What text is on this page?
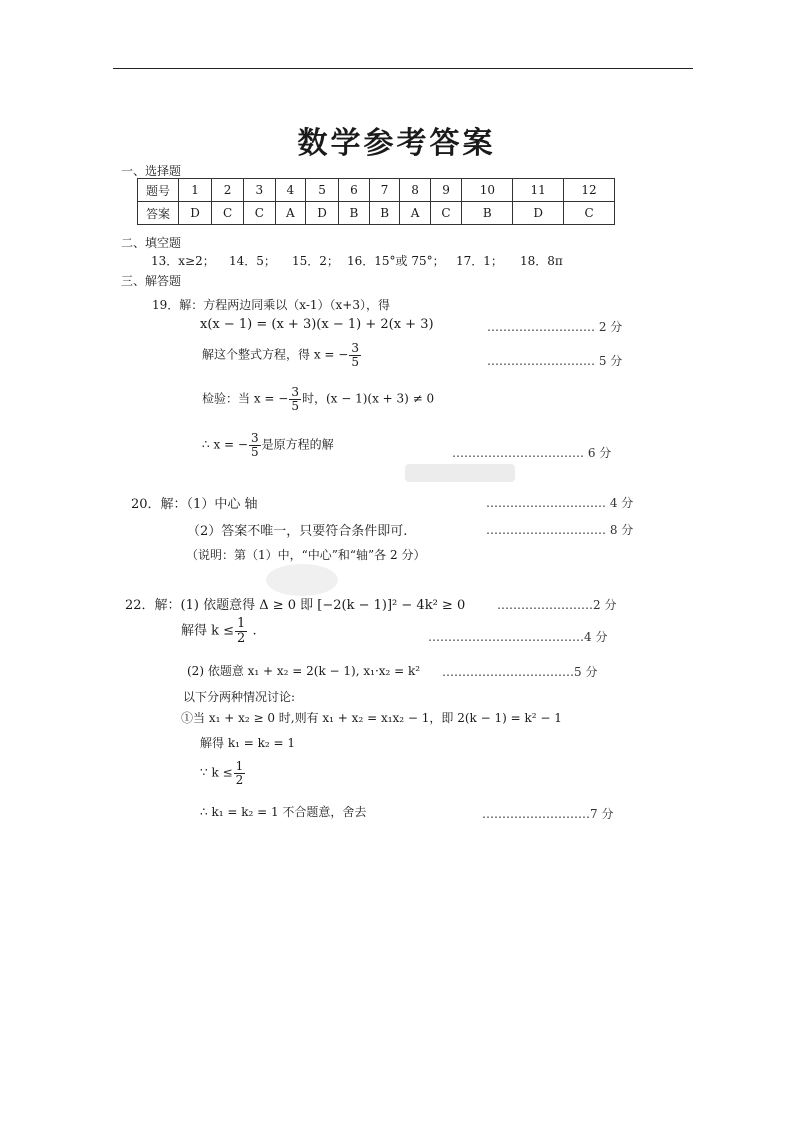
数学参考答案
一、选择题
题号	1	2	3	4	5	6	7	8	9	10	11	12
答案	D	C	C	A	D	B	B	A	C	B	D	C
二、填空题
13．x≥2； 14．5； 15．2； 16．15°或 75°； 17．1； 18．8π
三、解答题
19．解：方程两边同乘以（x-1）（x+3），得
x(x − 1) = (x + 3)(x − 1) + 2(x + 3)	……………………… 2 分
解这个整式方程，得 x = − $\frac{3}{5}$	……………………… 5 分
检验：当 x = − $\frac{3}{5}$ 时，(x − 1)(x + 3) ≠ 0
∴ x = − $\frac{3}{5}$ 是原方程的解
…………………………… 6 分
20．解：（1）中心 轴	………………………… 4 分
（2）答案不唯一，只要符合条件即可.	………………………… 8 分
（说明：第（1）中，“中心”和“轴”各 2 分）
22．解：(1) 依题意得 Δ ≥ 0 即 [−2(k − 1)]² − 4k² ≥ 0	……………………2 分
解得 $k \le \frac{1}{2}$ .	…………………………………4 分
(2) 依题意 x₁ + x₂ = 2(k − 1), x₁·x₂ = k² ……………………………5 分
以下分两种情况讨论:
①当 x₁ + x₂ ≥ 0 时,则有 x₁ + x₂ = x₁x₂ − 1，即 2(k − 1) = k² − 1
解得 k₁ = k₂ = 1
∵ $k \le \frac{1}{2}$
∴ k₁ = k₂ = 1 不合题意，舍去	………………………7 分
